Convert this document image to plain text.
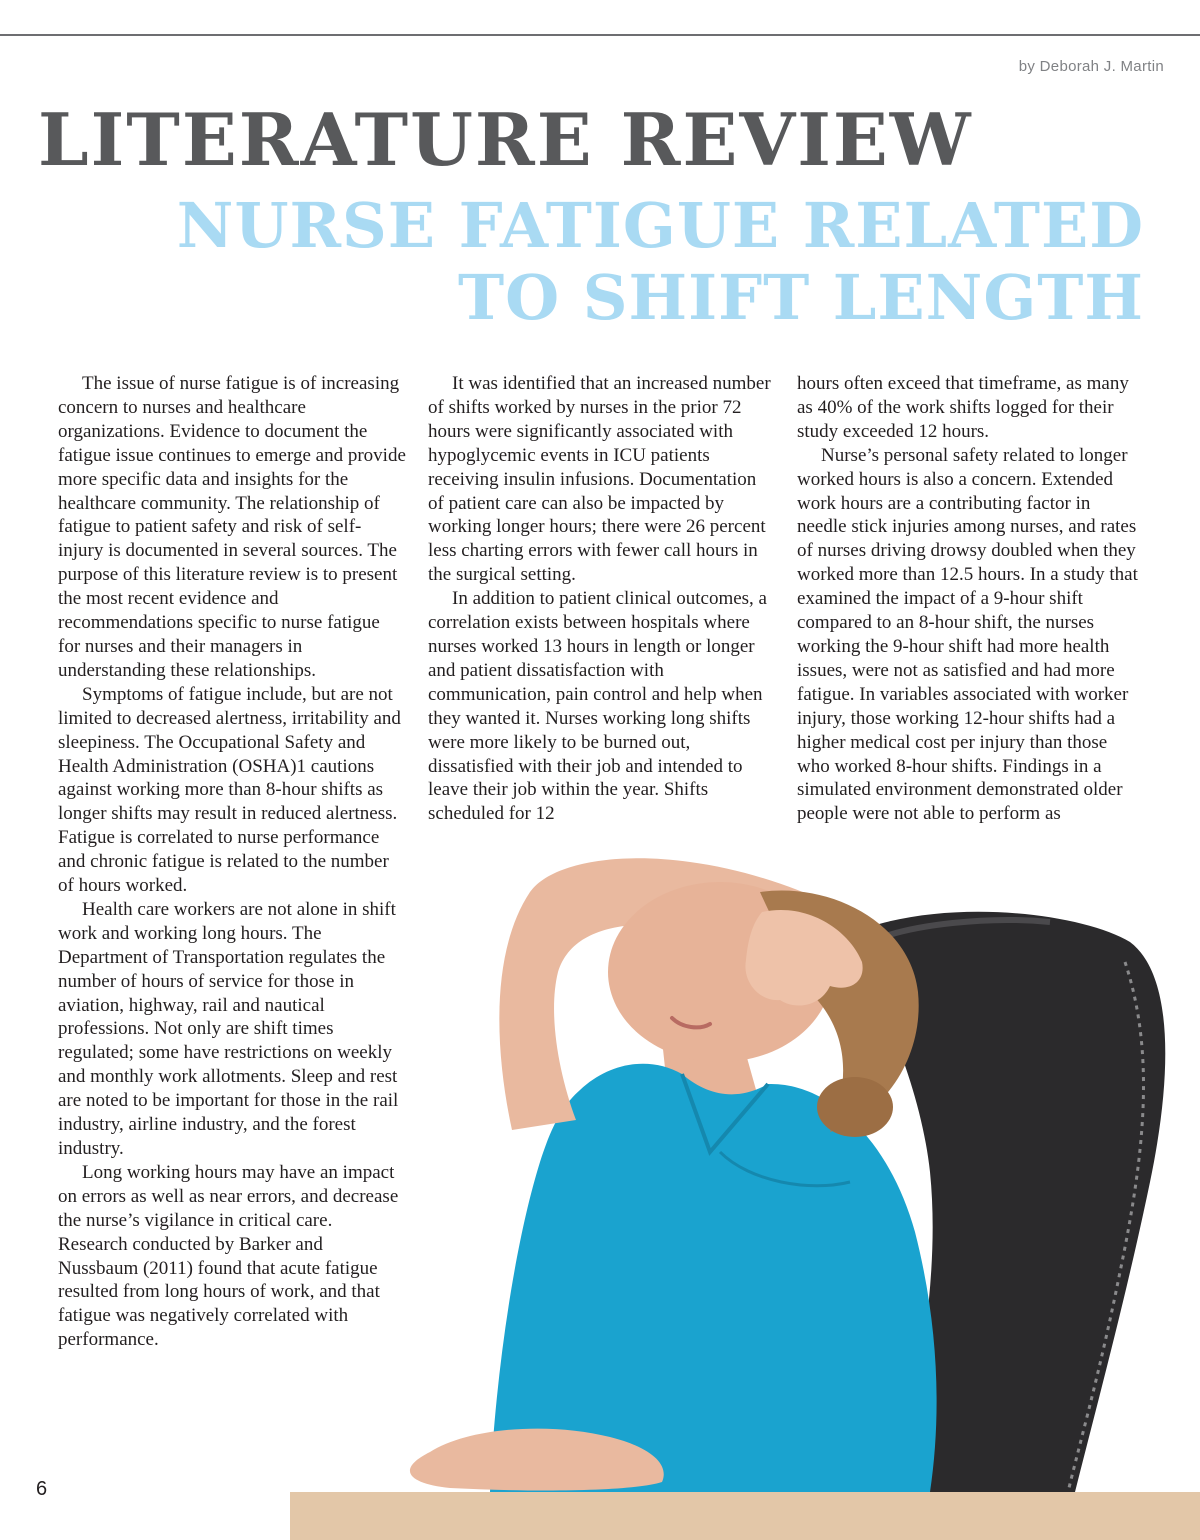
by Deborah J. Martin

LITERATURE REVIEW
NURSE FATIGUE RELATED
TO SHIFT LENGTH

The issue of nurse fatigue is of increasing concern to nurses and healthcare organizations. Evidence to document the fatigue issue continues to emerge and provide more specific data and insights for the healthcare community. The relationship of fatigue to patient safety and risk of self-injury is documented in several sources. The purpose of this literature review is to present the most recent evidence and recommendations specific to nurse fatigue for nurses and their managers in understanding these relationships.

Symptoms of fatigue include, but are not limited to decreased alertness, irritability and sleepiness. The Occupational Safety and Health Administration (OSHA)1 cautions against working more than 8-hour shifts as longer shifts may result in reduced alertness. Fatigue is correlated to nurse performance and chronic fatigue is related to the number of hours worked.

Health care workers are not alone in shift work and working long hours. The Department of Transportation regulates the number of hours of service for those in aviation, highway, rail and nautical professions. Not only are shift times regulated; some have restrictions on weekly and monthly work allotments. Sleep and rest are noted to be important for those in the rail industry, airline industry, and the forest industry.

Long working hours may have an impact on errors as well as near errors, and decrease the nurse’s vigilance in critical care. Research conducted by Barker and Nussbaum (2011) found that acute fatigue resulted from long hours of work, and that fatigue was negatively correlated with performance.

It was identified that an increased number of shifts worked by nurses in the prior 72 hours were significantly associated with hypoglycemic events in ICU patients receiving insulin infusions. Documentation of patient care can also be impacted by working longer hours; there were 26 percent less charting errors with fewer call hours in the surgical setting.

In addition to patient clinical outcomes, a correlation exists between hospitals where nurses worked 13 hours in length or longer and patient dissatisfaction with communication, pain control and help when they wanted it. Nurses working long shifts were more likely to be burned out, dissatisfied with their job and intended to leave their job within the year. Shifts scheduled for 12

hours often exceed that timeframe, as many as 40% of the work shifts logged for their study exceeded 12 hours.

Nurse’s personal safety related to longer worked hours is also a concern. Extended work hours are a contributing factor in needle stick injuries among nurses, and rates of nurses driving drowsy doubled when they worked more than 12.5 hours. In a study that examined the impact of a 9-hour shift compared to an 8-hour shift, the nurses working the 9-hour shift had more health issues, were not as satisfied and had more fatigue. In variables associated with worker injury, those working 12-hour shifts had a higher medical cost per injury than those who worked 8-hour shifts. Findings in a simulated environment demonstrated older people were not able to perform as

6
